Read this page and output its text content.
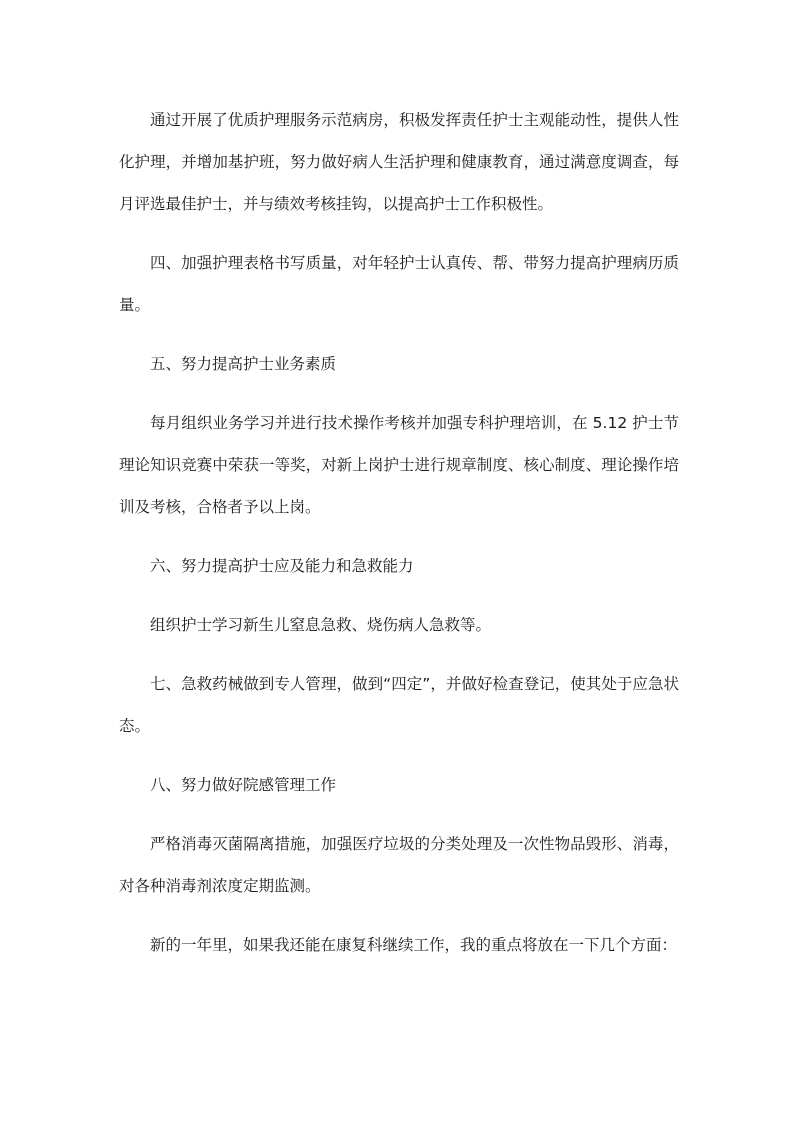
通过开展了优质护理服务示范病房，积极发挥责任护士主观能动性，提供人性化护理，并增加基护班，努力做好病人生活护理和健康教育，通过满意度调查，每月评选最佳护士，并与绩效考核挂钩，以提高护士工作积极性。

四、加强护理表格书写质量，对年轻护士认真传、帮、带努力提高护理病历质量。

五、努力提高护士业务素质

每月组织业务学习并进行技术操作考核并加强专科护理培训，在 5.12 护士节理论知识竞赛中荣获一等奖，对新上岗护士进行规章制度、核心制度、理论操作培训及考核，合格者予以上岗。

六、努力提高护士应及能力和急救能力

组织护士学习新生儿窒息急救、烧伤病人急救等。

七、急救药械做到专人管理，做到“四定”，并做好检查登记，使其处于应急状态。

八、努力做好院感管理工作

严格消毒灭菌隔离措施，加强医疗垃圾的分类处理及一次性物品毁形、消毒，对各种消毒剂浓度定期监测。

新的一年里，如果我还能在康复科继续工作，我的重点将放在一下几个方面：
